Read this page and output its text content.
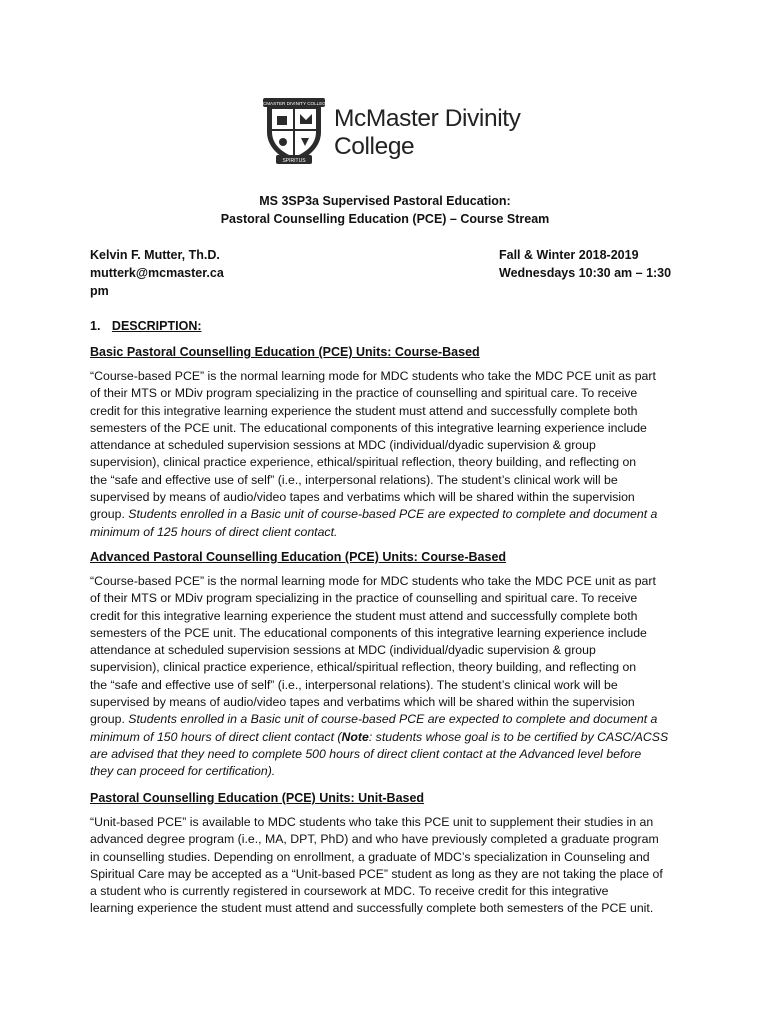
MCMASTER DIVINITY COLLEGE
SPIRITUS
McMaster Divinity
College
MS 3SP3a Supervised Pastoral Education:
Pastoral Counselling Education (PCE) – Course Stream
Kelvin F. Mutter, Th.D.
mutterk@mcmaster.ca
pm
Fall & Winter 2018-2019
Wednesdays 10:30 am – 1:30
1. DESCRIPTION:
Basic Pastoral Counselling Education (PCE) Units: Course-Based
“Course-based PCE” is the normal learning mode for MDC students who take the MDC PCE unit as part
of their MTS or MDiv program specializing in the practice of counselling and spiritual care. To receive
credit for this integrative learning experience the student must attend and successfully complete both
semesters of the PCE unit. The educational components of this integrative learning experience include
attendance at scheduled supervision sessions at MDC (individual/dyadic supervision & group
supervision), clinical practice experience, ethical/spiritual reflection, theory building, and reflecting on
the “safe and effective use of self” (i.e., interpersonal relations). The student’s clinical work will be
supervised by means of audio/video tapes and verbatims which will be shared within the supervision
group. Students enrolled in a Basic unit of course-based PCE are expected to complete and document a
minimum of 125 hours of direct client contact.
Advanced Pastoral Counselling Education (PCE) Units: Course-Based
“Course-based PCE” is the normal learning mode for MDC students who take the MDC PCE unit as part
of their MTS or MDiv program specializing in the practice of counselling and spiritual care. To receive
credit for this integrative learning experience the student must attend and successfully complete both
semesters of the PCE unit. The educational components of this integrative learning experience include
attendance at scheduled supervision sessions at MDC (individual/dyadic supervision & group
supervision), clinical practice experience, ethical/spiritual reflection, theory building, and reflecting on
the “safe and effective use of self” (i.e., interpersonal relations). The student’s clinical work will be
supervised by means of audio/video tapes and verbatims which will be shared within the supervision
group. Students enrolled in a Basic unit of course-based PCE are expected to complete and document a
minimum of 150 hours of direct client contact (Note: students whose goal is to be certified by CASC/ACSS
are advised that they need to complete 500 hours of direct client contact at the Advanced level before
they can proceed for certification).
Pastoral Counselling Education (PCE) Units: Unit-Based
“Unit-based PCE” is available to MDC students who take this PCE unit to supplement their studies in an
advanced degree program (i.e., MA, DPT, PhD) and who have previously completed a graduate program
in counselling studies. Depending on enrollment, a graduate of MDC’s specialization in Counseling and
Spiritual Care may be accepted as a “Unit-based PCE” student as long as they are not taking the place of
a student who is currently registered in coursework at MDC. To receive credit for this integrative
learning experience the student must attend and successfully complete both semesters of the PCE unit.
